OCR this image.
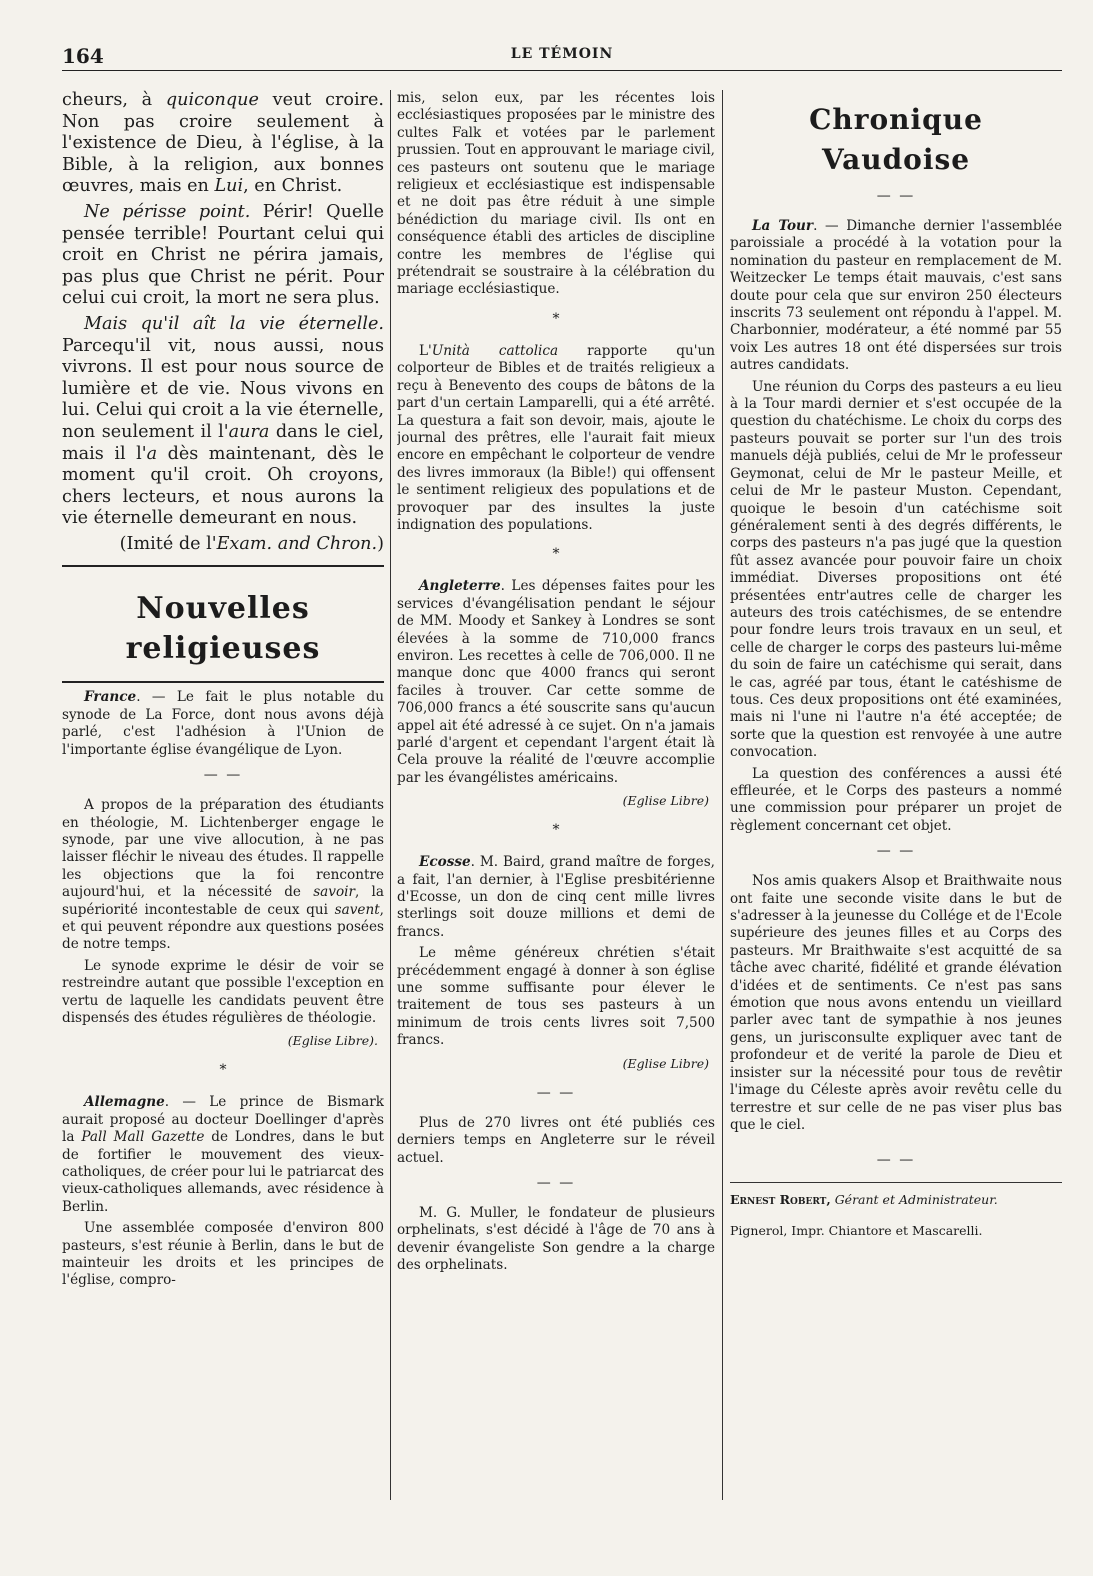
164	LE TÉMOIN

cheurs, à quiconque veut croire. Non pas croire seulement à l'existence de Dieu, à l'église, à la Bible, à la religion, aux bonnes œuvres, mais en Lui, en Christ.

Ne périsse point. Périr! Quelle pensée terrible! Pourtant celui qui croit en Christ ne périra jamais, pas plus que Christ ne périt. Pour celui cui croit, la mort ne sera plus.

Mais qu'il aît la vie éternelle. Parcequ'il vit, nous aussi, nous vivrons. Il est pour nous source de lumière et de vie. Nous vivons en lui. Celui qui croit a la vie éternelle, non seulement il l'aura dans le ciel, mais il l'a dès maintenant, dès le moment qu'il croit. Oh croyons, chers lecteurs, et nous aurons la vie éternelle demeurant en nous.

(Imité de l'Exam. and Chron.)

Nouvelles religieuses

France. — Le fait le plus notable du synode de La Force, dont nous avons déjà parlé, c'est l'adhésion à l'Union de l'importante église évangélique de Lyon.

— —

A propos de la préparation des étudiants en théologie, M. Lichtenberger engage le synode, par une vive allocution, à ne pas laisser fléchir le niveau des études. Il rappelle les objections que la foi rencontre aujourd'hui, et la nécessité de savoir, la supériorité incontestable de ceux qui savent, et qui peuvent répondre aux questions posées de notre temps.

Le synode exprime le désir de voir se restreindre autant que possible l'exception en vertu de laquelle les candidats peuvent être dispensés des études régulières de théologie.

(Eglise Libre).
*

Allemagne. — Le prince de Bismark aurait proposé au docteur Doellinger d'après la Pall Mall Gazette de Londres, dans le but de fortifier le mouvement des vieux-catholiques, de créer pour lui le patriarcat des vieux-catholiques allemands, avec résidence à Berlin.

Une assemblée composée d'environ 800 pasteurs, s'est réunie à Berlin, dans le but de mainteuir les droits et les principes de l'église, compro-

mis, selon eux, par les récentes lois ecclésiastiques proposées par le ministre des cultes Falk et votées par le parlement prussien. Tout en approuvant le mariage civil, ces pasteurs ont soutenu que le mariage religieux et ecclésiastique est indispensable et ne doit pas être réduit à une simple bénédiction du mariage civil. Ils ont en conséquence établi des articles de discipline contre les membres de l'église qui prétendrait se soustraire à la célébration du mariage ecclésiastique.

*

L'Unità cattolica rapporte qu'un colporteur de Bibles et de traités religieux a reçu à Benevento des coups de bâtons de la part d'un certain Lamparelli, qui a été arrêté. La questura a fait son devoir, mais, ajoute le journal des prêtres, elle l'aurait fait mieux encore en empêchant le colporteur de vendre des livres immoraux (la Bible!) qui offensent le sentiment religieux des populations et de provoquer par des insultes la juste indignation des populations.

*

Angleterre. Les dépenses faites pour les services d'évangélisation pendant le séjour de MM. Moody et Sankey à Londres se sont élevées à la somme de 710,000 francs environ. Les recettes à celle de 706,000. Il ne manque donc que 4000 francs qui seront faciles à trouver. Car cette somme de 706,000 francs a été souscrite sans qu'aucun appel ait été adressé à ce sujet. On n'a jamais parlé d'argent et cependant l'argent était là Cela prouve la réalité de l'œuvre accomplie par les évangélistes américains.

(Eglise Libre)
*

Ecosse. M. Baird, grand maître de forges, a fait, l'an dernier, à l'Eglise presbitérienne d'Ecosse, un don de cinq cent mille livres sterlings soit douze millions et demi de francs.

Le même généreux chrétien s'était précédemment engagé à donner à son église une somme suffisante pour élever le traitement de tous ses pasteurs à un minimum de trois cents livres soit 7,500 francs.

(Eglise Libre)
— —

Plus de 270 livres ont été publiés ces derniers temps en Angleterre sur le réveil actuel.

— —

M. G. Muller, le fondateur de plusieurs orphelinats, s'est décidé à l'âge de 70 ans à devenir évangeliste Son gendre a la charge des orphelinats.

Chronique Vaudoise
— —

La Tour. — Dimanche dernier l'assemblée paroissiale a procédé à la votation pour la nomination du pasteur en remplacement de M. Weitzecker Le temps était mauvais, c'est sans doute pour cela que sur environ 250 électeurs inscrits 73 seulement ont répondu à l'appel. M. Charbonnier, modérateur, a été nommé par 55 voix Les autres 18 ont été dispersées sur trois autres candidats.

Une réunion du Corps des pasteurs a eu lieu à la Tour mardi dernier et s'est occupée de la question du chatéchisme. Le choix du corps des pasteurs pouvait se porter sur l'un des trois manuels déjà publiés, celui de Mr le professeur Geymonat, celui de Mr le pasteur Meille, et celui de Mr le pasteur Muston. Cependant, quoique le besoin d'un catéchisme soit généralement senti à des degrés différents, le corps des pasteurs n'a pas jugé que la question fût assez avancée pour pouvoir faire un choix immédiat. Diverses propositions ont été présentées entr'autres celle de charger les auteurs des trois catéchismes, de se entendre pour fondre leurs trois travaux en un seul, et celle de charger le corps des pasteurs lui-même du soin de faire un catéchisme qui serait, dans le cas, agréé par tous, étant le catéshisme de tous. Ces deux propositions ont été examinées, mais ni l'une ni l'autre n'a été acceptée; de sorte que la question est renvoyée à une autre convocation.

La question des conférences a aussi été effleurée, et le Corps des pasteurs a nommé une commission pour préparer un projet de règlement concernant cet objet.

— —

Nos amis quakers Alsop et Braithwaite nous ont faite une seconde visite dans le but de s'adresser à la jeunesse du Collége et de l'Ecole supérieure des jeunes filles et au Corps des pasteurs. Mr Braithwaite s'est acquitté de sa tâche avec charité, fidélité et grande élévation d'idées et de sentiments. Ce n'est pas sans émotion que nous avons entendu un vieillard parler avec tant de sympathie à nos jeunes gens, un jurisconsulte expliquer avec tant de profondeur et de verité la parole de Dieu et insister sur la nécessité pour tous de revêtir l'image du Céleste après avoir revêtu celle du terrestre et sur celle de ne pas viser plus bas que le ciel.

— —

Ernest Robert, Gérant et Administrateur.

Pignerol, Impr. Chiantore et Mascarelli.
